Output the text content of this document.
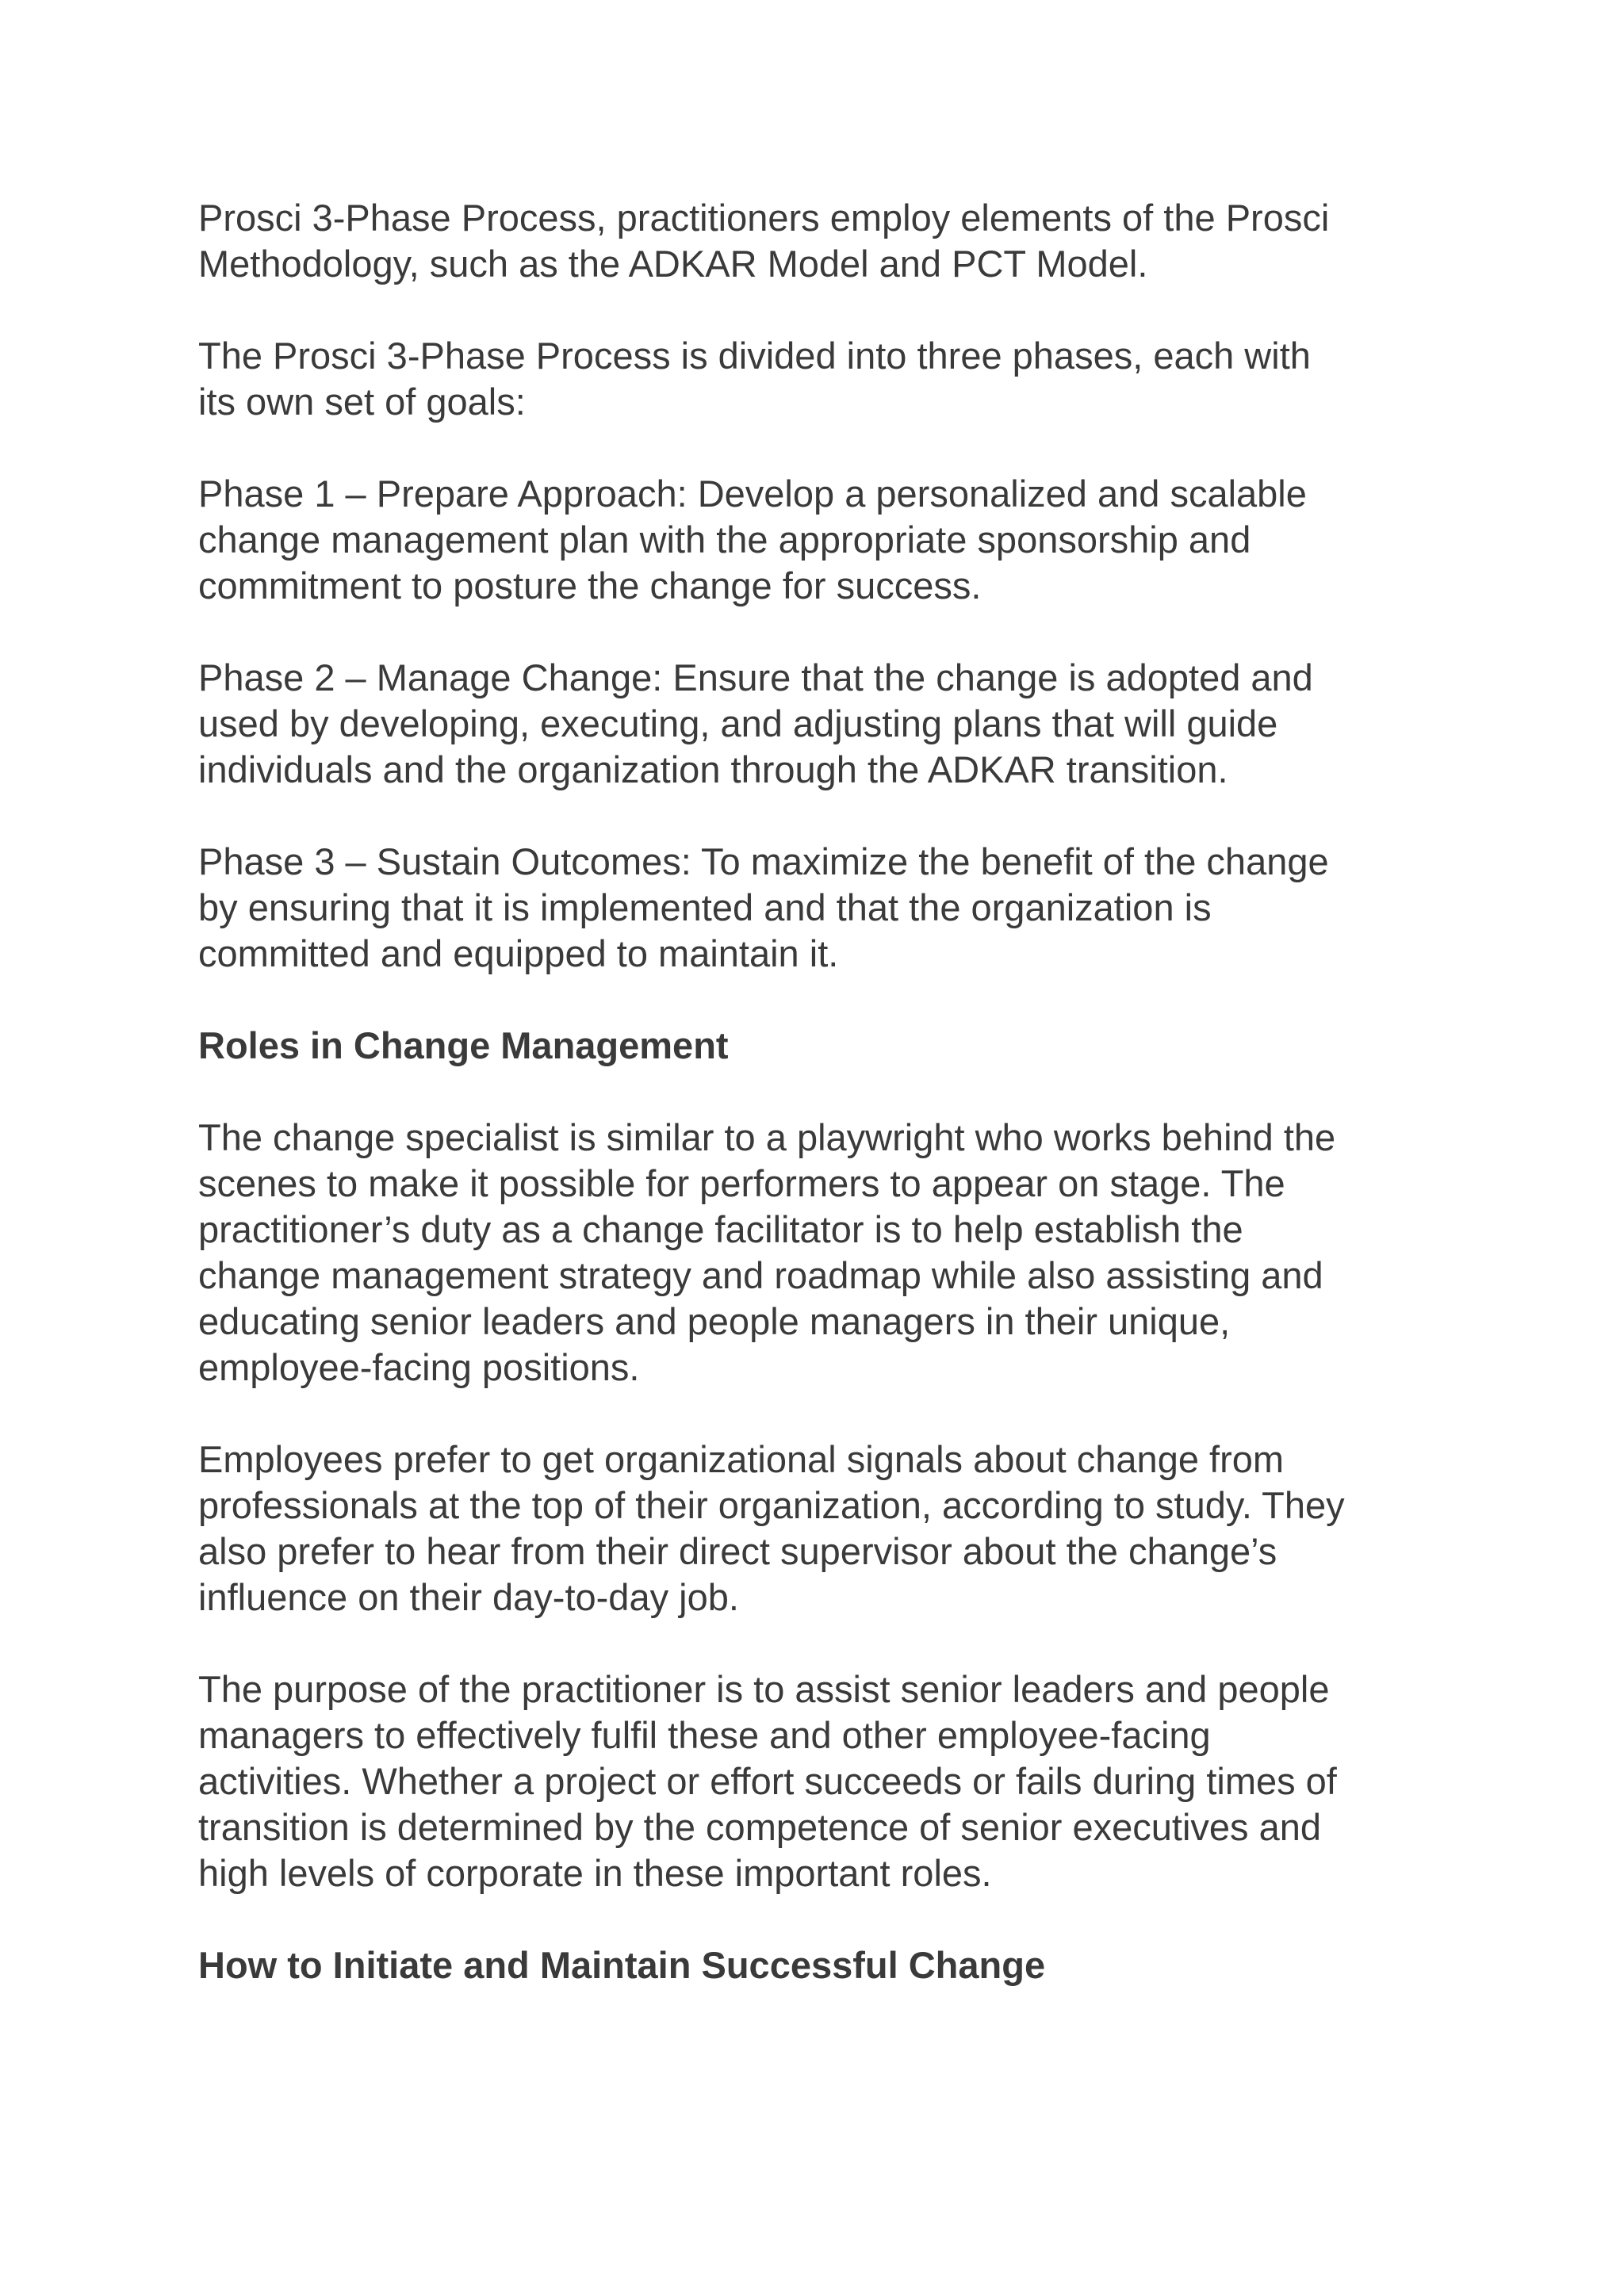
Prosci 3-Phase Process, practitioners employ elements of the Prosci
Methodology, such as the ADKAR Model and PCT Model.

The Prosci 3-Phase Process is divided into three phases, each with
its own set of goals:

Phase 1 – Prepare Approach: Develop a personalized and scalable
change management plan with the appropriate sponsorship and
commitment to posture the change for success.

Phase 2 – Manage Change: Ensure that the change is adopted and
used by developing, executing, and adjusting plans that will guide
individuals and the organization through the ADKAR transition.

Phase 3 – Sustain Outcomes: To maximize the benefit of the change
by ensuring that it is implemented and that the organization is
committed and equipped to maintain it.

Roles in Change Management

The change specialist is similar to a playwright who works behind the
scenes to make it possible for performers to appear on stage. The
practitioner’s duty as a change facilitator is to help establish the
change management strategy and roadmap while also assisting and
educating senior leaders and people managers in their unique,
employee-facing positions.

Employees prefer to get organizational signals about change from
professionals at the top of their organization, according to study. They
also prefer to hear from their direct supervisor about the change’s
influence on their day-to-day job.

The purpose of the practitioner is to assist senior leaders and people
managers to effectively fulfil these and other employee-facing
activities. Whether a project or effort succeeds or fails during times of
transition is determined by the competence of senior executives and
high levels of corporate in these important roles.

How to Initiate and Maintain Successful Change
